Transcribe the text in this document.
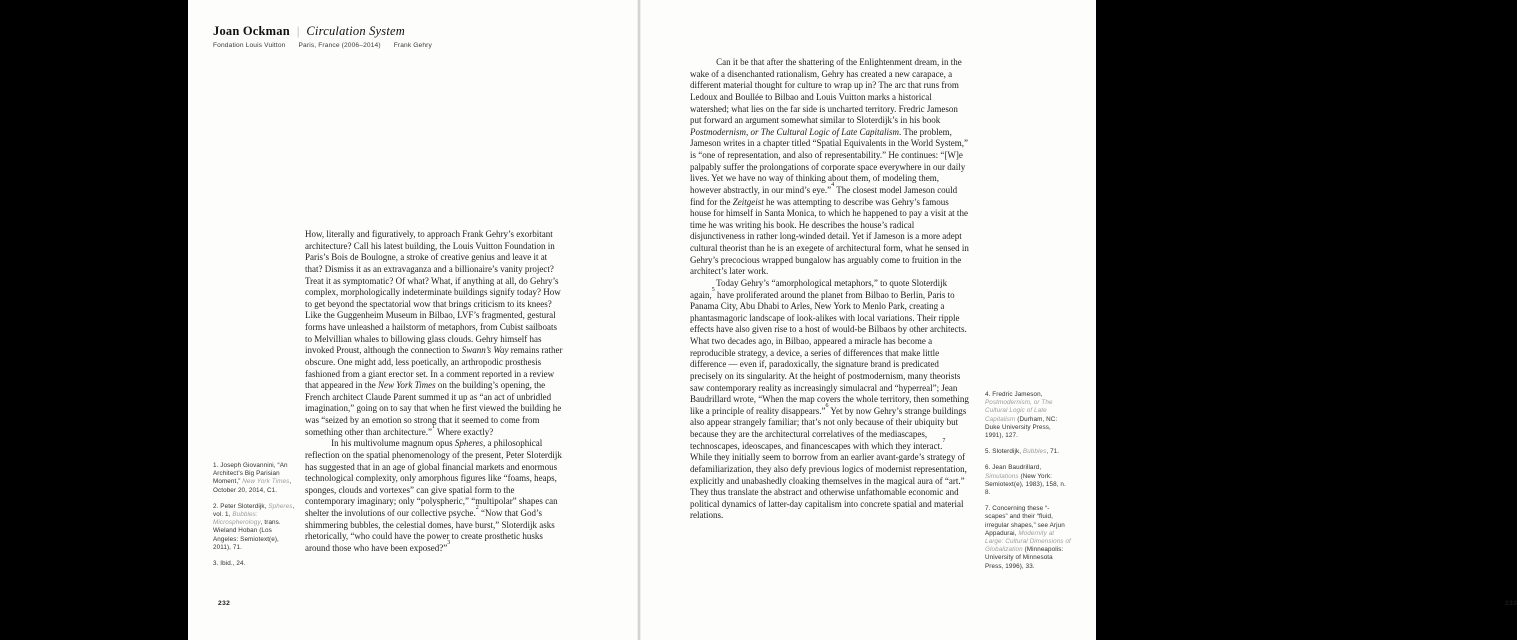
Joan Ockman | Circulation System
Fondation Louis Vuitton Paris, France (2006–2014) Frank Gehry

How, literally and figuratively, to approach Frank Gehry’s exorbitant architecture? Call his latest building, the Louis Vuitton Foundation in Paris’s Bois de Boulogne, a stroke of creative genius and leave it at that? Dismiss it as an extravaganza and a billionaire’s vanity project? Treat it as symptomatic? Of what? What, if anything at all, do Gehry’s complex, morphologically indeterminate buildings signify today? How to get beyond the spectatorial wow that brings criticism to its knees? Like the Guggenheim Museum in Bilbao, LVF’s fragmented, gestural forms have unleashed a hailstorm of metaphors, from Cubist sailboats to Melvillian whales to billowing glass clouds. Gehry himself has invoked Proust, although the connection to Swann’s Way remains rather obscure. One might add, less poetically, an arthropodic prosthesis fashioned from a giant erector set. In a comment reported in a review that appeared in the New York Times on the building’s opening, the French architect Claude Parent summed it up as “an act of unbridled imagination,” going on to say that when he first viewed the building he was “seized by an emotion so strong that it seemed to come from something other than architecture.”$^1$ Where exactly?

In his multivolume magnum opus Spheres, a philosophical reflection on the spatial phenomenology of the present, Peter Sloterdijk has suggested that in an age of global financial markets and enormous technological complexity, only amorphous figures like “foams, heaps, sponges, clouds and vortexes” can give spatial form to the contemporary imaginary; only “polyspheric,” “multipolar” shapes can shelter the involutions of our collective psyche.$^2$ “Now that God’s shimmering bubbles, the celestial domes, have burst,” Sloterdijk asks rhetorically, “who could have the power to create prosthetic husks around those who have been exposed?”$^3$

1. Joseph Giovannini, “An Architect’s Big Parisian Moment,” New York Times, October 20, 2014, C1.

2. Peter Sloterdijk, Spheres, vol. 1, Bubbles: Microspherology, trans. Wieland Hoban (Los Angeles: Semiotext(e), 2011), 71.

3. Ibid., 24.

232

Can it be that after the shattering of the Enlightenment dream, in the wake of a disenchanted rationalism, Gehry has created a new carapace, a different material thought for culture to wrap up in? The arc that runs from Ledoux and Boullée to Bilbao and Louis Vuitton marks a historical watershed; what lies on the far side is uncharted territory. Fredric Jameson put forward an argument somewhat similar to Sloterdijk’s in his book Postmodernism, or The Cultural Logic of Late Capitalism. The problem, Jameson writes in a chapter titled “Spatial Equivalents in the World System,” is “one of representation, and also of representability.” He continues: “[W]e palpably suffer the prolongations of corporate space everywhere in our daily lives. Yet we have no way of thinking about them, of modeling them, however abstractly, in our mind’s eye.”$^4$ The closest model Jameson could find for the Zeitgeist he was attempting to describe was Gehry’s famous house for himself in Santa Monica, to which he happened to pay a visit at the time he was writing his book. He describes the house’s radical disjunctiveness in rather long-winded detail. Yet if Jameson is a more adept cultural theorist than he is an exegete of architectural form, what he sensed in Gehry’s precocious wrapped bungalow has arguably come to fruition in the architect’s later work.

Today Gehry’s “amorphological metaphors,” to quote Sloterdijk again,$^5$ have proliferated around the planet from Bilbao to Berlin, Paris to Panama City, Abu Dhabi to Arles, New York to Menlo Park, creating a phantasmagoric landscape of look-alikes with local variations. Their ripple effects have also given rise to a host of would-be Bilbaos by other architects. What two decades ago, in Bilbao, appeared a miracle has become a reproducible strategy, a device, a series of differences that make little difference — even if, paradoxically, the signature brand is predicated precisely on its singularity. At the height of postmodernism, many theorists saw contemporary reality as increasingly simulacral and “hyperreal”; Jean Baudrillard wrote, “When the map covers the whole territory, then something like a principle of reality disappears.”$^6$ Yet by now Gehry’s strange buildings also appear strangely familiar; that’s not only because of their ubiquity but because they are the architectural correlatives of the mediascapes, technoscapes, ideoscapes, and financescapes with which they interact.$^7$ While they initially seem to borrow from an earlier avant-garde’s strategy of defamiliarization, they also defy previous logics of modernist representation, explicitly and unabashedly cloaking themselves in the magical aura of “art.” They thus translate the abstract and otherwise unfathomable economic and political dynamics of latter-day capitalism into concrete spatial and material relations.

4. Fredric Jameson, Postmodernism, or The Cultural Logic of Late Capitalism (Durham, NC: Duke University Press, 1991), 127.

5. Sloterdijk, Bubbles, 71.

6. Jean Baudrillard, Simulations (New York: Semiotext(e), 1983), 158, n. 8.

7. Concerning these “-scapes” and their “fluid, irregular shapes,” see Arjun Appadurai, Modernity at Large: Cultural Dimensions of Globalization (Minneapolis: University of Minnesota Press, 1996), 33.

233
